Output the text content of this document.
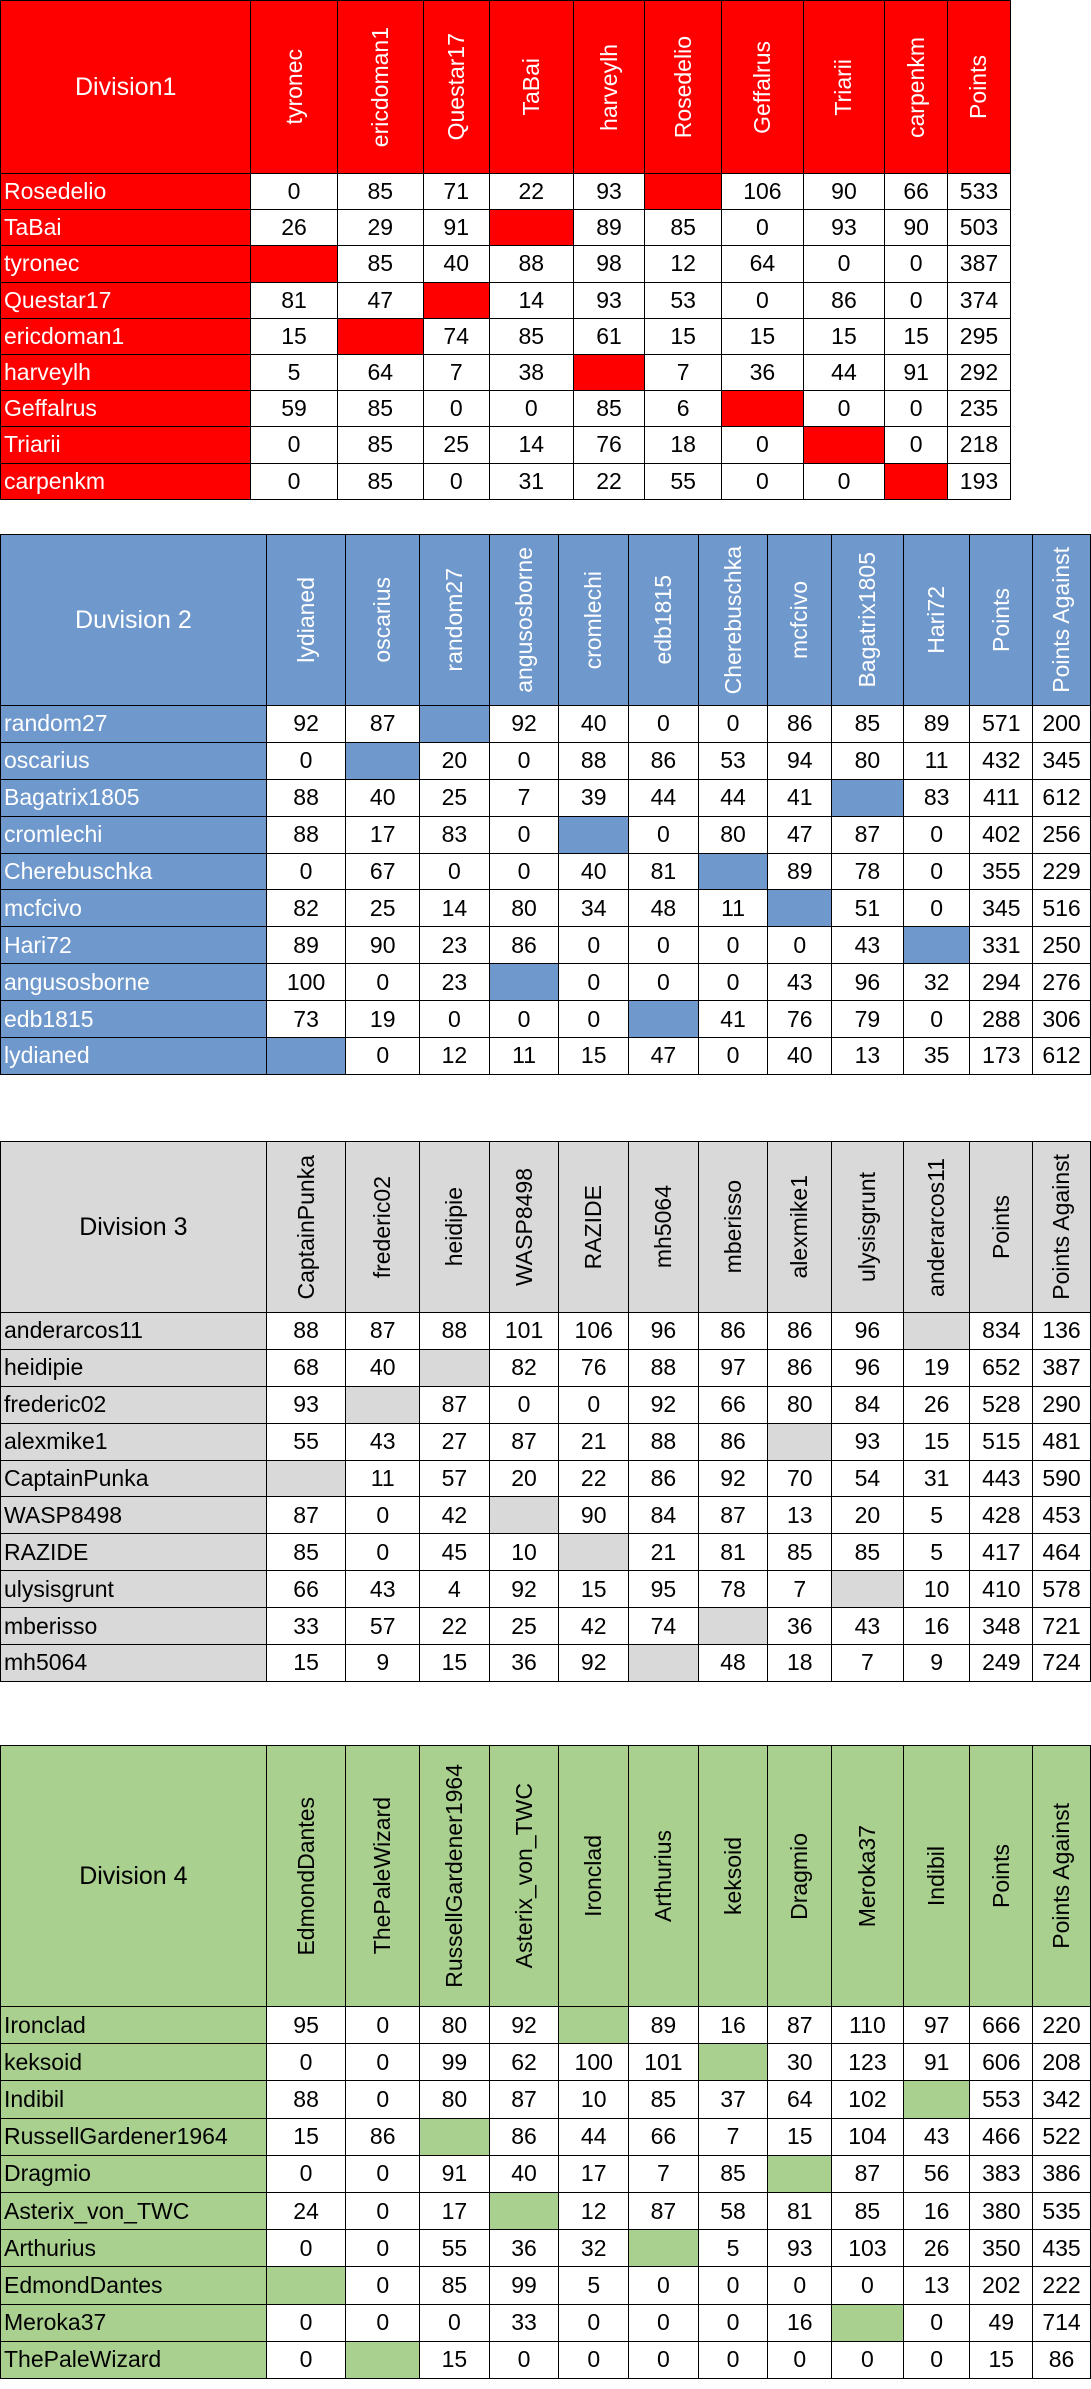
Division1	tyronec	ericdoman1	Questar17	TaBai	harveylh	Rosedelio	Geffalrus	Triarii	carpenkm	Points

Rosedelio	0	85	71	22	93		106	90	66	533	
TaBai	26	29	91		89	85	0	93	90	503	
tyronec		85	40	88	98	12	64	0	0	387	
Questar17	81	47		14	93	53	0	86	0	374	
ericdoman1	15		74	85	61	15	15	15	15	295	
harveylh	5	64	7	38		7	36	44	91	292	
Geffalrus	59	85	0	0	85	6		0	0	235	
Triarii	0	85	25	14	76	18	0		0	218	
carpenkm	0	85	0	31	22	55	0	0		193	
Duvision 2	lydianed	oscarius	random27	angusosborne	cromlechi	edb1815	Cherebuschka	mcfcivo	Bagatrix1805	Hari72	Points	Points Against

random27	92	87		92	40	0	0	86	85	89	571	200
oscarius	0		20	0	88	86	53	94	80	11	432	345
Bagatrix1805	88	40	25	7	39	44	44	41		83	411	612
cromlechi	88	17	83	0		0	80	47	87	0	402	256
Cherebuschka	0	67	0	0	40	81		89	78	0	355	229
mcfcivo	82	25	14	80	34	48	11		51	0	345	516
Hari72	89	90	23	86	0	0	0	0	43		331	250
angusosborne	100	0	23		0	0	0	43	96	32	294	276
edb1815	73	19	0	0	0		41	76	79	0	288	306
lydianed		0	12	11	15	47	0	40	13	35	173	612
Division 3	CaptainPunka	frederic02	heidipie	WASP8498	RAZIDE	mh5064	mberisso	alexmike1	ulysisgrunt	anderarcos11	Points	Points Against

anderarcos11	88	87	88	101	106	96	86	86	96		834	136
heidipie	68	40		82	76	88	97	86	96	19	652	387
frederic02	93		87	0	0	92	66	80	84	26	528	290
alexmike1	55	43	27	87	21	88	86		93	15	515	481
CaptainPunka		11	57	20	22	86	92	70	54	31	443	590
WASP8498	87	0	42		90	84	87	13	20	5	428	453
RAZIDE	85	0	45	10		21	81	85	85	5	417	464
ulysisgrunt	66	43	4	92	15	95	78	7		10	410	578
mberisso	33	57	22	25	42	74		36	43	16	348	721
mh5064	15	9	15	36	92		48	18	7	9	249	724
Division 4	EdmondDantes	ThePaleWizard	RussellGardener1964	Asterix_von_TWC	Ironclad	Arthurius	keksoid	Dragmio	Meroka37	Indibil	Points	Points Against

Ironclad	95	0	80	92		89	16	87	110	97	666	220
keksoid	0	0	99	62	100	101		30	123	91	606	208
Indibil	88	0	80	87	10	85	37	64	102		553	342
RussellGardener1964	15	86		86	44	66	7	15	104	43	466	522
Dragmio	0	0	91	40	17	7	85		87	56	383	386
Asterix_von_TWC	24	0	17		12	87	58	81	85	16	380	535
Arthurius	0	0	55	36	32		5	93	103	26	350	435
EdmondDantes		0	85	99	5	0	0	0	0	13	202	222
Meroka37	0	0	0	33	0	0	0	16		0	49	714
ThePaleWizard	0		15	0	0	0	0	0	0	0	15	86
